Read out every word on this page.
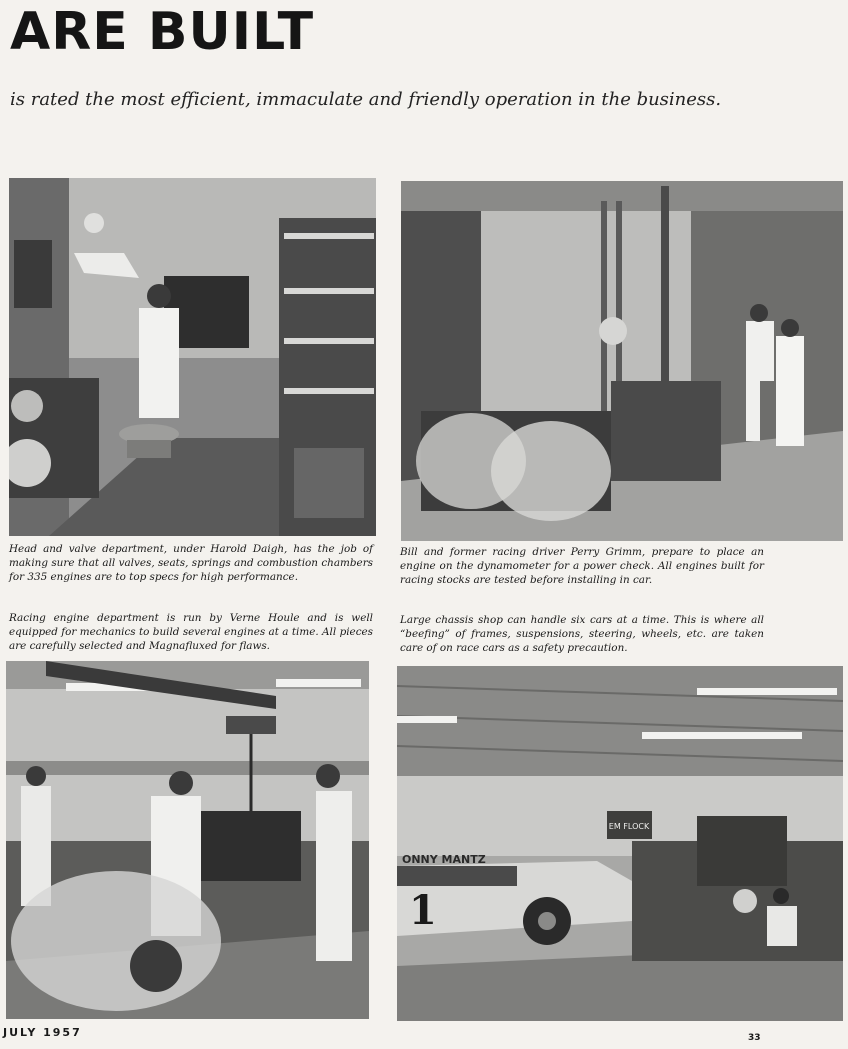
ARE BUILT

is rated the most efficient, immaculate and friendly operation in the business.

Head and valve department, under Harold Daigh, has the job of making sure that all valves, seats, springs and combustion chambers for 335 engines are to top specs for high performance.

Bill and former racing driver Perry Grimm, prepare to place an engine on the dynamometer for a power check. All engines built for racing stocks are tested before installing in car.

Racing engine department is run by Verne Houle and is well equipped for mechanics to build several engines at a time. All pieces are carefully selected and Magnafluxed for flaws.

Large chassis shop can handle six cars at a time. This is where all “beefing” of frames, suspensions, steering, wheels, etc. are taken care of on race cars as a safety precaution.

EM FLOCK
ONNY MANTZ
1

JULY 1957	33
